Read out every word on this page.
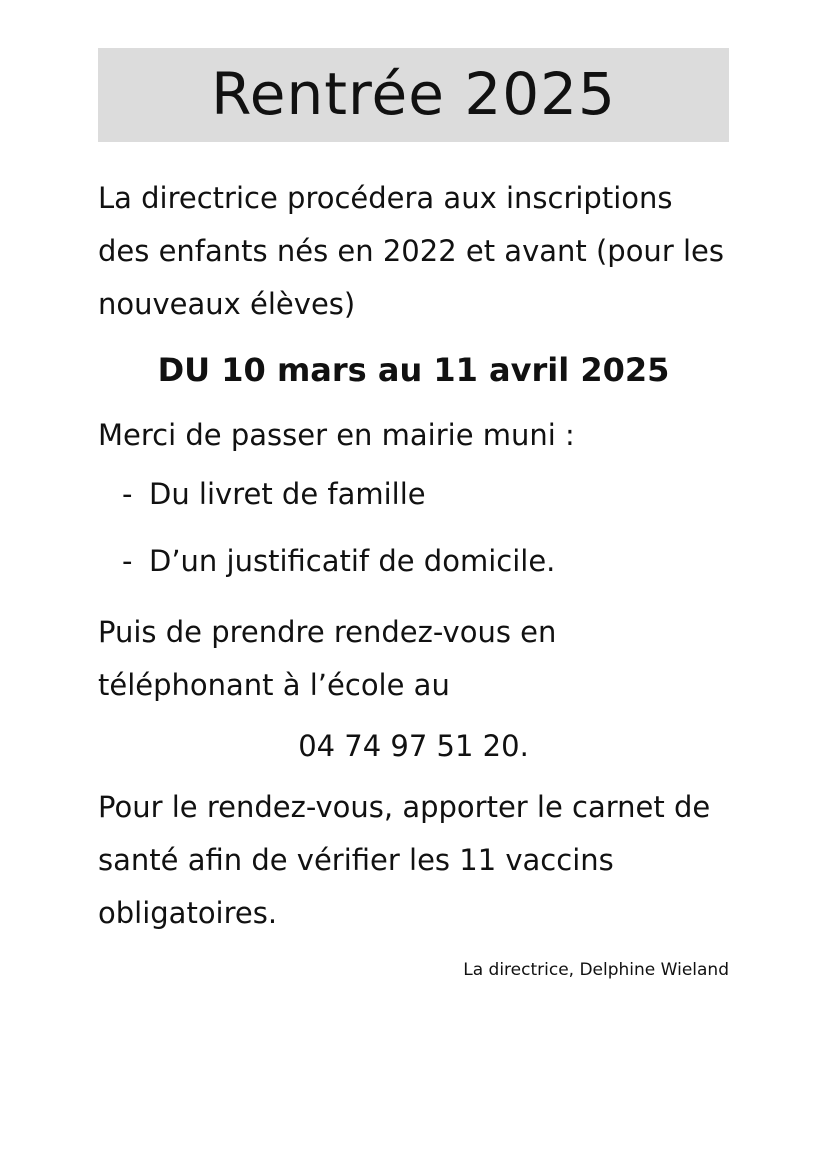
Rentrée 2025

La directrice procédera aux inscriptions des enfants nés en 2022 et avant (pour les nouveaux élèves)

DU 10 mars au 11 avril 2025

Merci de passer en mairie muni :

- Du livret de famille
- D’un justificatif de domicile.

Puis de prendre rendez-vous en téléphonant à l’école au

04 74 97 51 20.

Pour le rendez-vous, apporter le carnet de santé afin de vérifier les 11 vaccins obligatoires.

La directrice, Delphine Wieland
